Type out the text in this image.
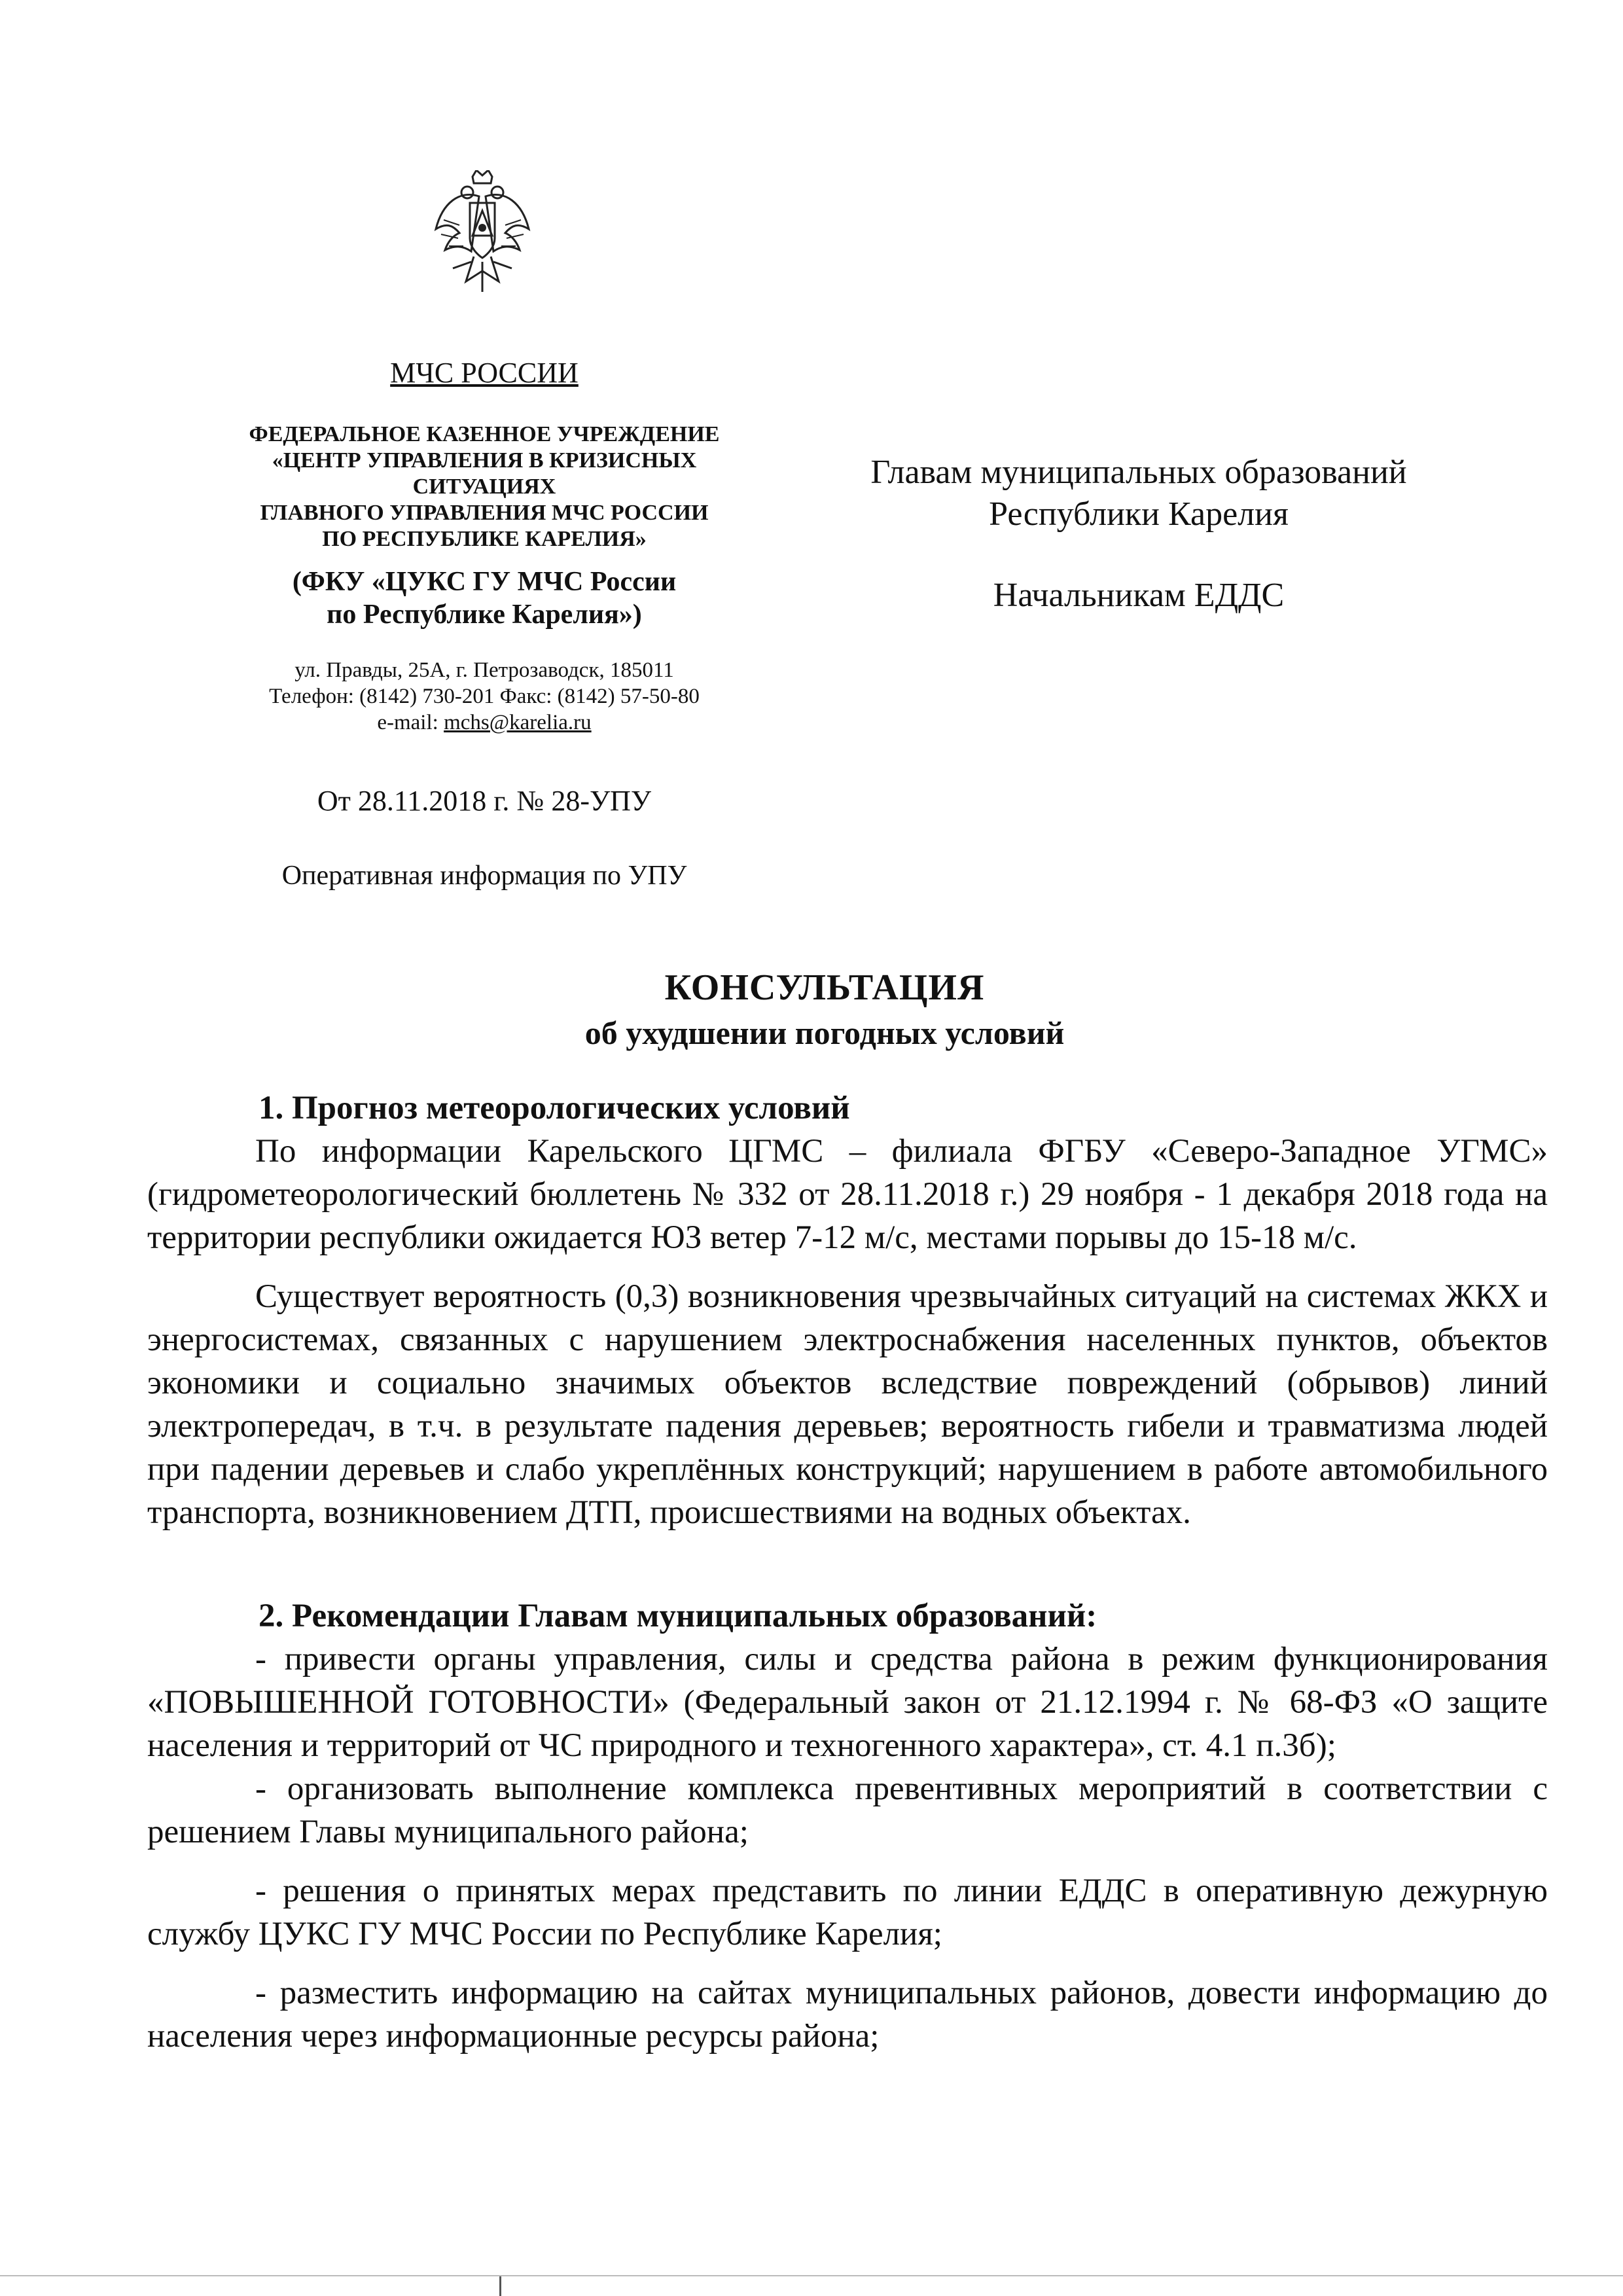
МЧС РОССИИ
ФЕДЕРАЛЬНОЕ КАЗЕННОЕ УЧРЕЖДЕНИЕ
«ЦЕНТР УПРАВЛЕНИЯ В КРИЗИСНЫХ
СИТУАЦИЯХ
ГЛАВНОГО УПРАВЛЕНИЯ МЧС РОССИИ
ПО РЕСПУБЛИКЕ КАРЕЛИЯ»
(ФКУ «ЦУКС ГУ МЧС России
по Республике Карелия»)
ул. Правды, 25А, г. Петрозаводск, 185011
Телефон: (8142) 730-201 Факс: (8142) 57-50-80
e-mail: mchs@karelia.ru
От 28.11.2018 г. № 28-УПУ
Оперативная информация по УПУ
Главам муниципальных образований
Республики Карелия
Начальникам ЕДДС
КОНСУЛЬТАЦИЯ
об ухудшении погодных условий

1. Прогноз метеорологических условий

По информации Карельского ЦГМС – филиала ФГБУ «Северо-Западное УГМС» (гидрометеорологический бюллетень № 332 от 28.11.2018 г.) 29 ноября - 1 декабря 2018 года на территории республики ожидается ЮЗ ветер 7-12 м/с, местами порывы до 15-18 м/с.

Существует вероятность (0,3) возникновения чрезвычайных ситуаций на системах ЖКХ и энергосистемах, связанных с нарушением электроснабжения населенных пунктов, объектов экономики и социально значимых объектов вследствие повреждений (обрывов) линий электропередач, в т.ч. в результате падения деревьев; вероятность гибели и травматизма людей при падении деревьев и слабо укреплённых конструкций; нарушением в работе автомобильного транспорта, возникновением ДТП, происшествиями на водных объектах.

2. Рекомендации Главам муниципальных образований:

- привести органы управления, силы и средства района в режим функционирования «ПОВЫШЕННОЙ ГОТОВНОСТИ» (Федеральный закон от 21.12.1994 г. № 68-ФЗ «О защите населения и территорий от ЧС природного и техногенного характера», ст. 4.1 п.3б);

- организовать выполнение комплекса превентивных мероприятий в соответствии с решением Главы муниципального района;

- решения о принятых мерах представить по линии ЕДДС в оперативную дежурную службу ЦУКС ГУ МЧС России по Республике Карелия;

- разместить информацию на сайтах муниципальных районов, довести информацию до населения через информационные ресурсы района;
